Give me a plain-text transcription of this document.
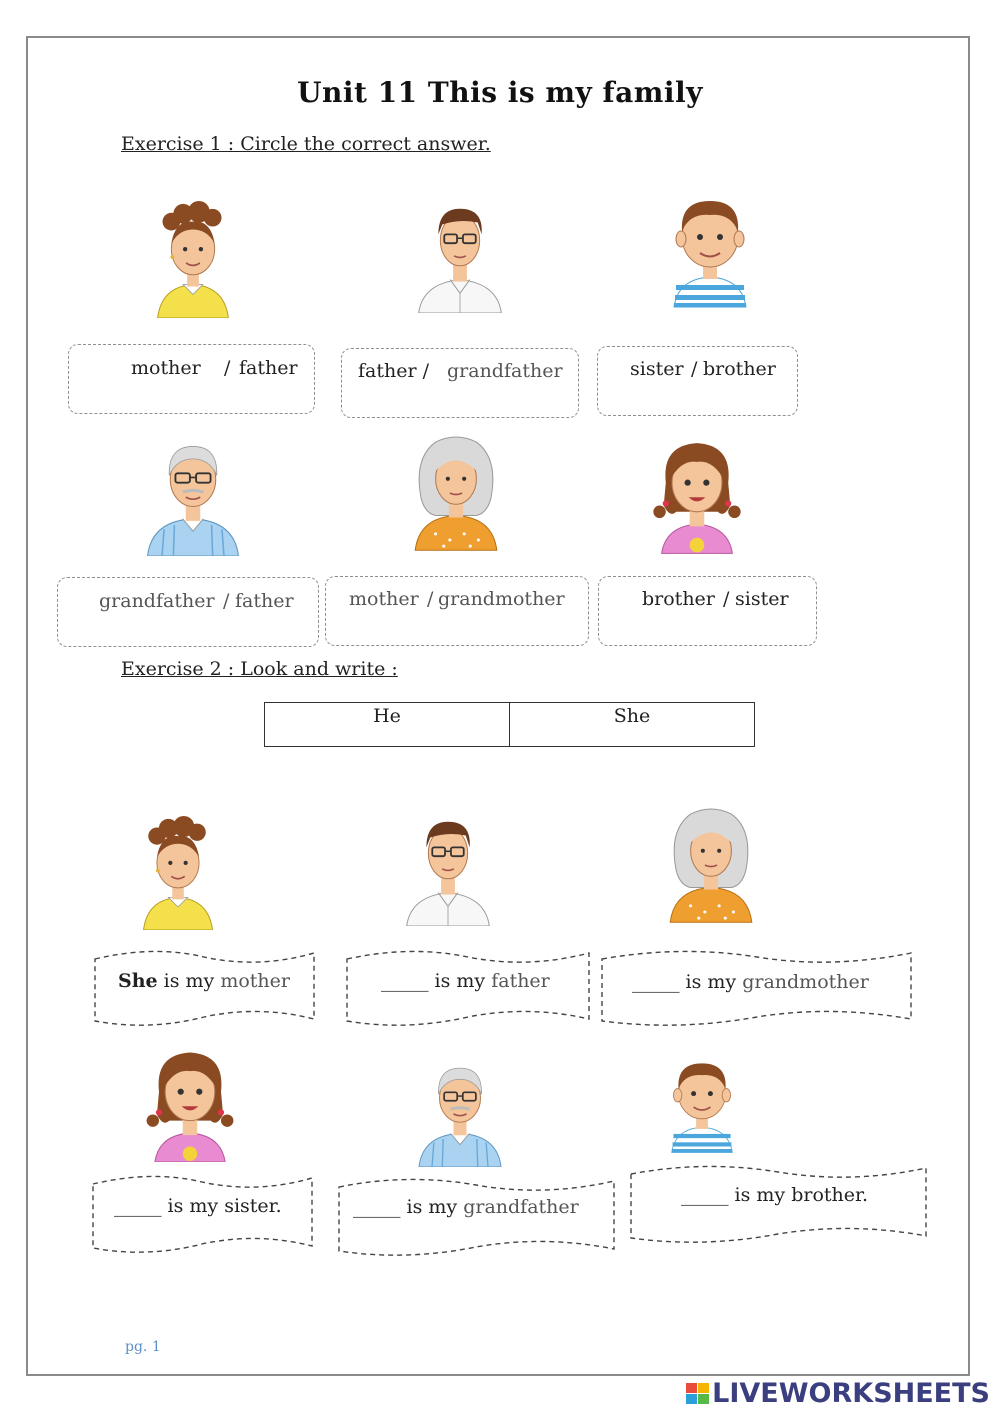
Unit 11 This is my family
Exercise 1 : Circle the correct answer.
mother / father	father / grandfather	sister / brother
grandfather / father	mother / grandmother	brother / sister
Exercise 2 : Look and write :
He	She
She is my mother	_____ is my father	_____ is my grandmother
_____ is my sister.	_____ is my grandfather
_____ is my brother.
pg. 1
LIVEWORKSHEETS
